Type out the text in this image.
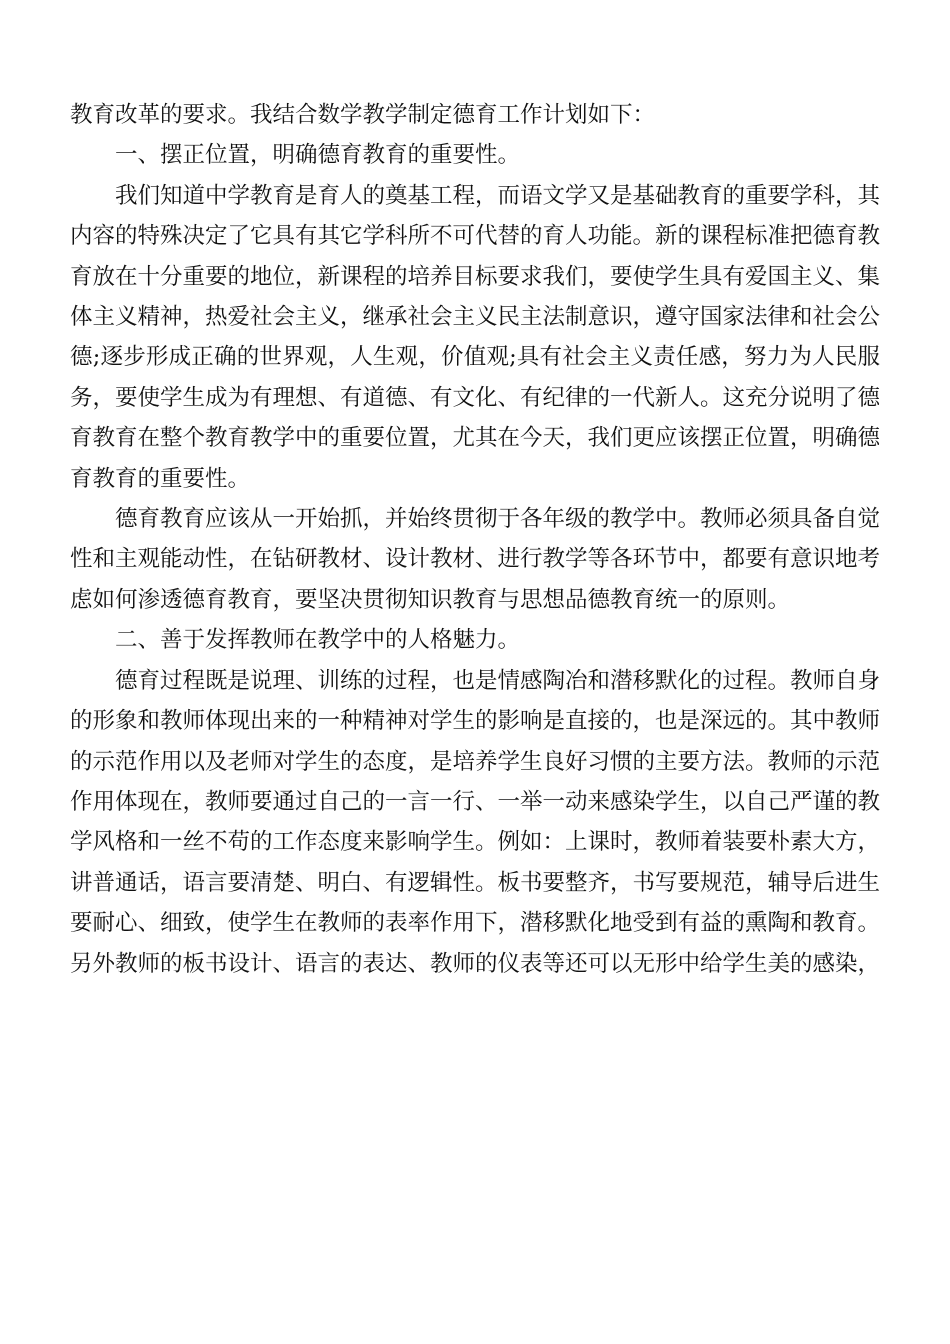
教育改革的要求。我结合数学教学制定德育工作计划如下：

一、摆正位置，明确德育教育的重要性。

我们知道中学教育是育人的奠基工程，而语文学又是基础教育的重要学科，其内容的特殊决定了它具有其它学科所不可代替的育人功能。新的课程标准把德育教育放在十分重要的地位，新课程的培养目标要求我们，要使学生具有爱国主义、集体主义精神，热爱社会主义，继承社会主义民主法制意识，遵守国家法律和社会公德;逐步形成正确的世界观，人生观，价值观;具有社会主义责任感，努力为人民服务，要使学生成为有理想、有道德、有文化、有纪律的一代新人。这充分说明了德育教育在整个教育教学中的重要位置，尤其在今天，我们更应该摆正位置，明确德育教育的重要性。

德育教育应该从一开始抓，并始终贯彻于各年级的教学中。教师必须具备自觉性和主观能动性，在钻研教材、设计教材、进行教学等各环节中，都要有意识地考虑如何渗透德育教育，要坚决贯彻知识教育与思想品德教育统一的原则。

二、善于发挥教师在教学中的人格魅力。

德育过程既是说理、训练的过程，也是情感陶冶和潜移默化的过程。教师自身的形象和教师体现出来的一种精神对学生的影响是直接的，也是深远的。其中教师的示范作用以及老师对学生的态度，是培养学生良好习惯的主要方法。教师的示范作用体现在，教师要通过自己的一言一行、一举一动来感染学生，以自己严谨的教学风格和一丝不苟的工作态度来影响学生。例如：上课时，教师着装要朴素大方，讲普通话，语言要清楚、明白、有逻辑性。板书要整齐，书写要规范，辅导后进生要耐心、细致，使学生在教师的表率作用下，潜移默化地受到有益的熏陶和教育。另外教师的板书设计、语言的表达、教师的仪表等还可以无形中给学生美的感染，
